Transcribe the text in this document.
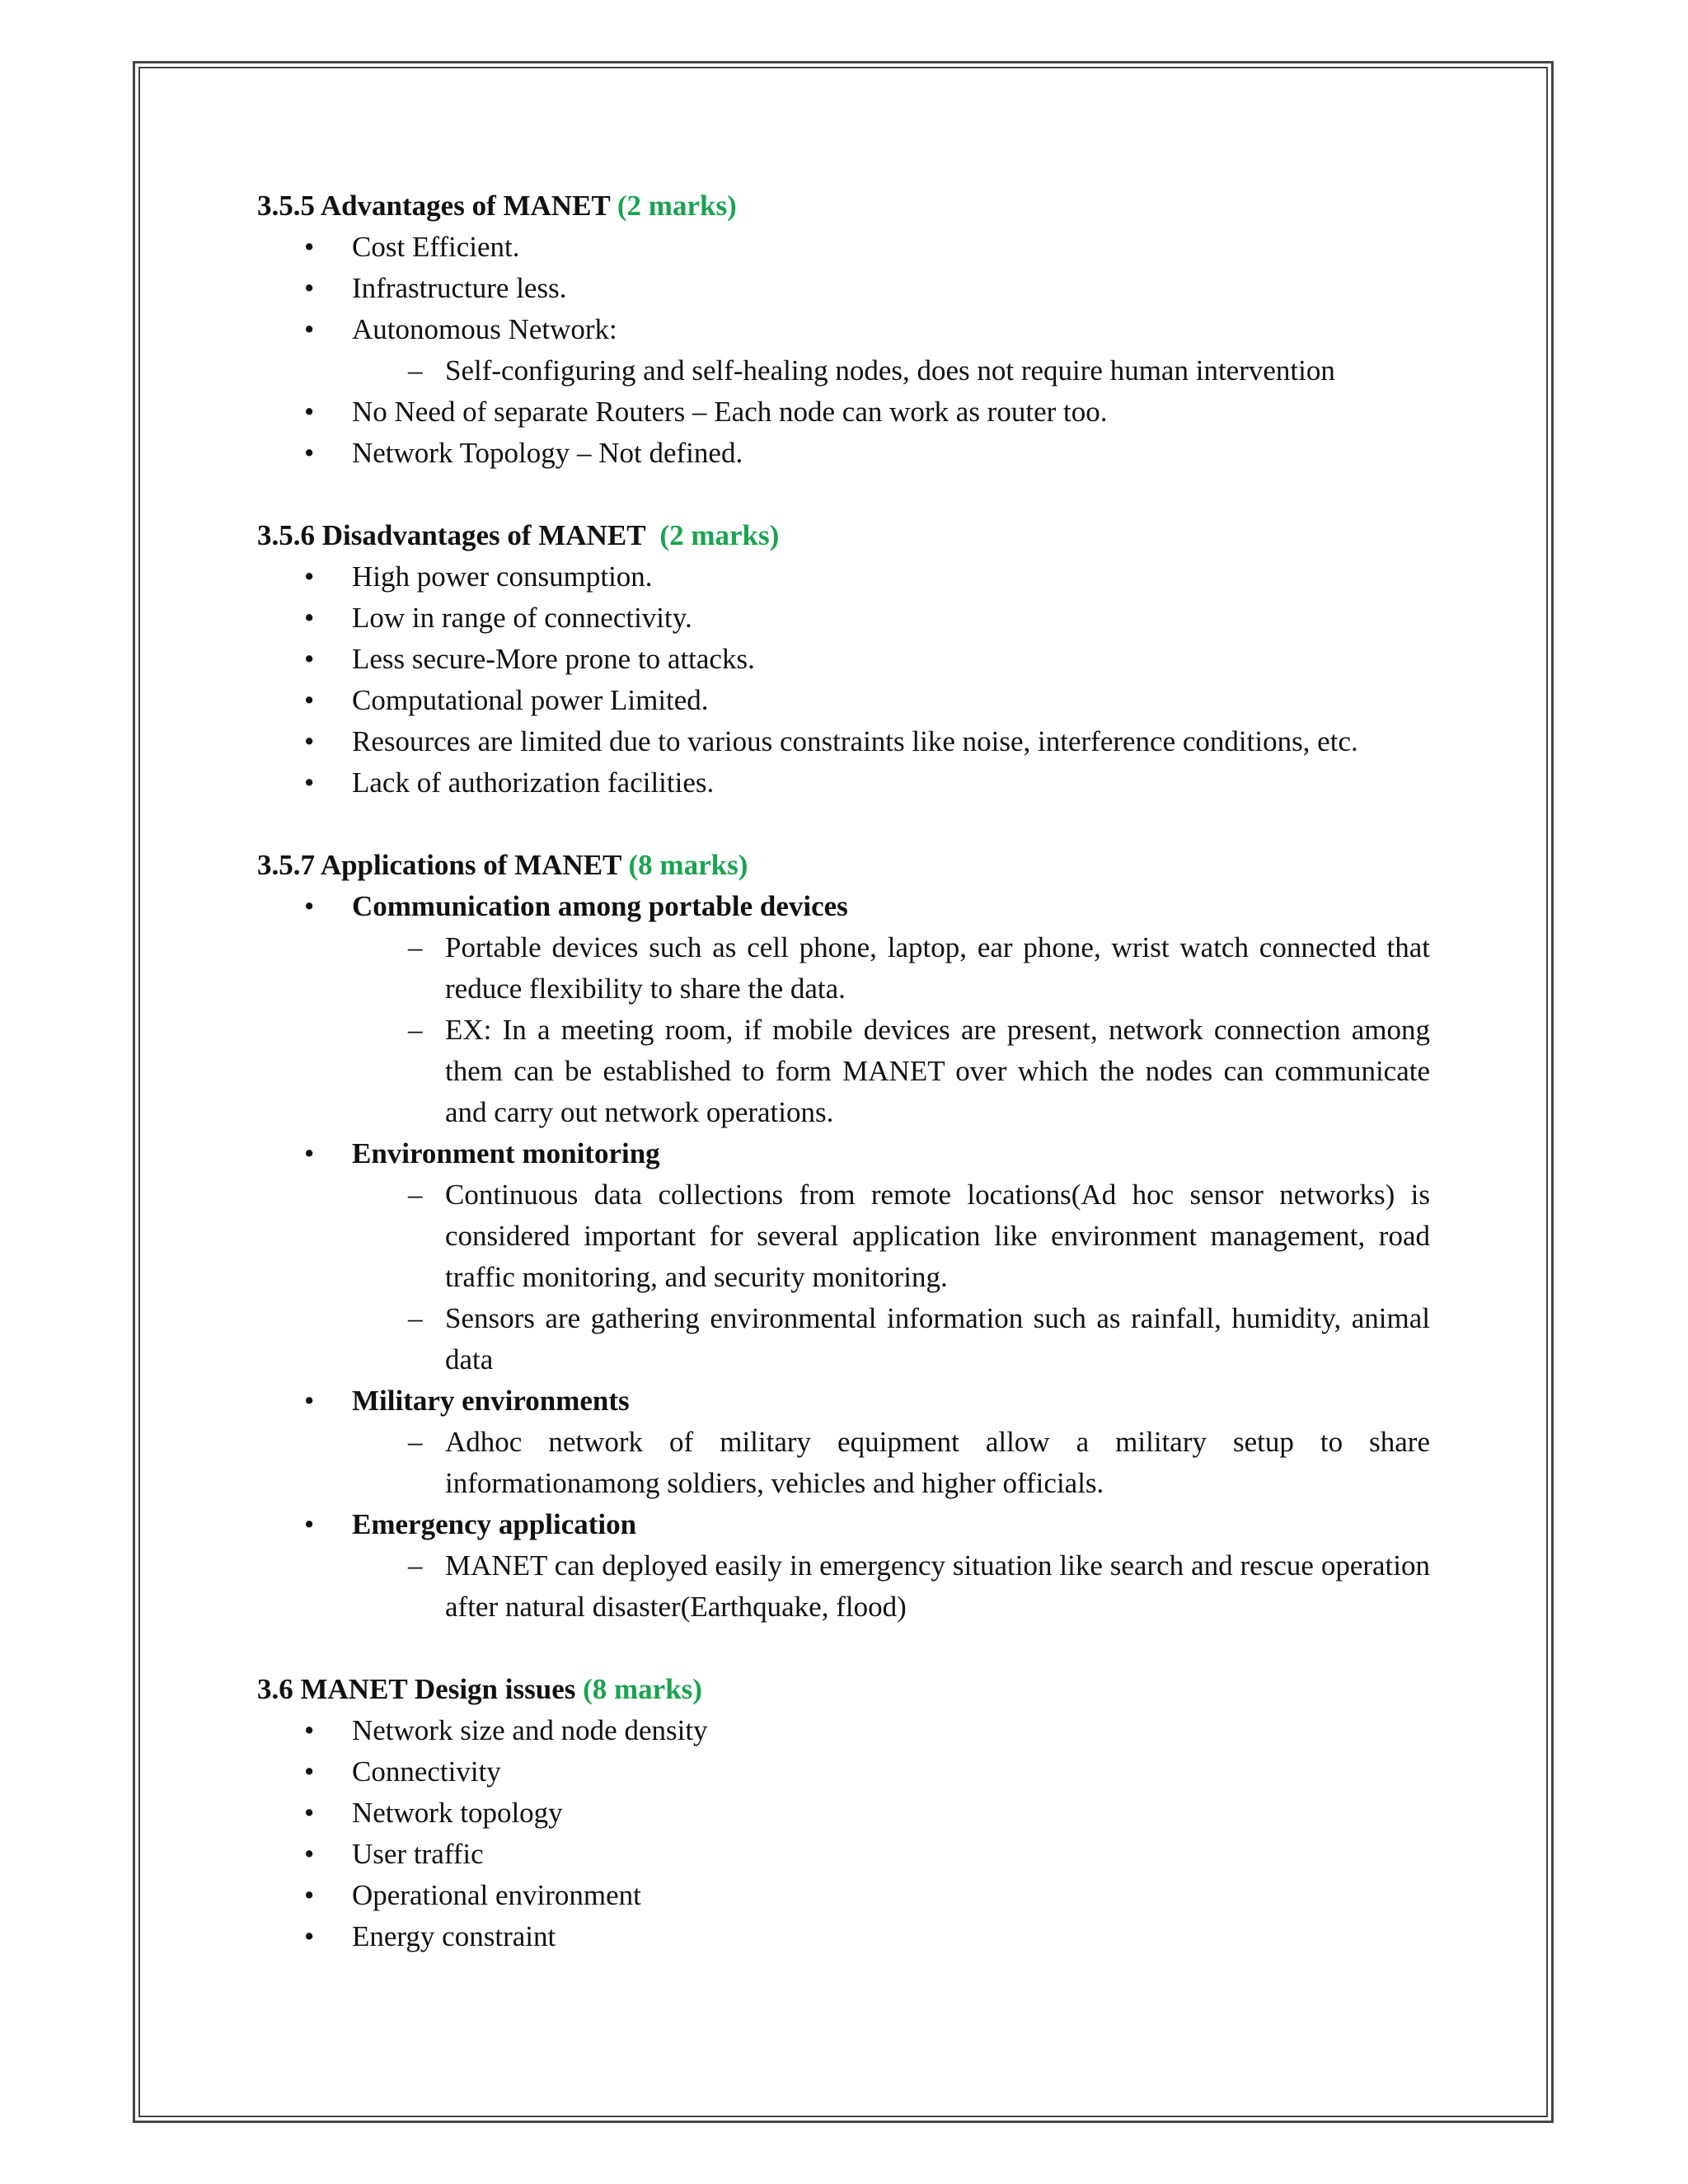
3.5.5 Advantages of MANET (2 marks)
• Cost Efficient.
• Infrastructure less.
• Autonomous Network:
– Self-configuring and self-healing nodes, does not require human intervention
• No Need of separate Routers – Each node can work as router too.
• Network Topology – Not defined.
3.5.6 Disadvantages of MANET  (2 marks)
• High power consumption.
• Low in range of connectivity.
• Less secure-More prone to attacks.
• Computational power Limited.
• Resources are limited due to various constraints like noise, interference conditions, etc.
• Lack of authorization facilities.
3.5.7 Applications of MANET (8 marks)
• Communication among portable devices
– Portable devices such as cell phone, laptop, ear phone, wrist watch connected that reduce flexibility to share the data.
– EX: In a meeting room, if mobile devices are present, network connection among them can be established to form MANET over which the nodes can communicate and carry out network operations.
• Environment monitoring
– Continuous data collections from remote locations(Ad hoc sensor networks) is considered important for several application like environment management, road traffic monitoring, and security monitoring.
– Sensors are gathering environmental information such as rainfall, humidity, animal data
• Military environments
– Adhoc network of military equipment allow a military setup to share informationamong soldiers, vehicles and higher officials.
• Emergency application
– MANET can deployed easily in emergency situation like search and rescue operation after natural disaster(Earthquake, flood)
3.6 MANET Design issues (8 marks)
• Network size and node density
• Connectivity
• Network topology
• User traffic
• Operational environment
• Energy constraint
